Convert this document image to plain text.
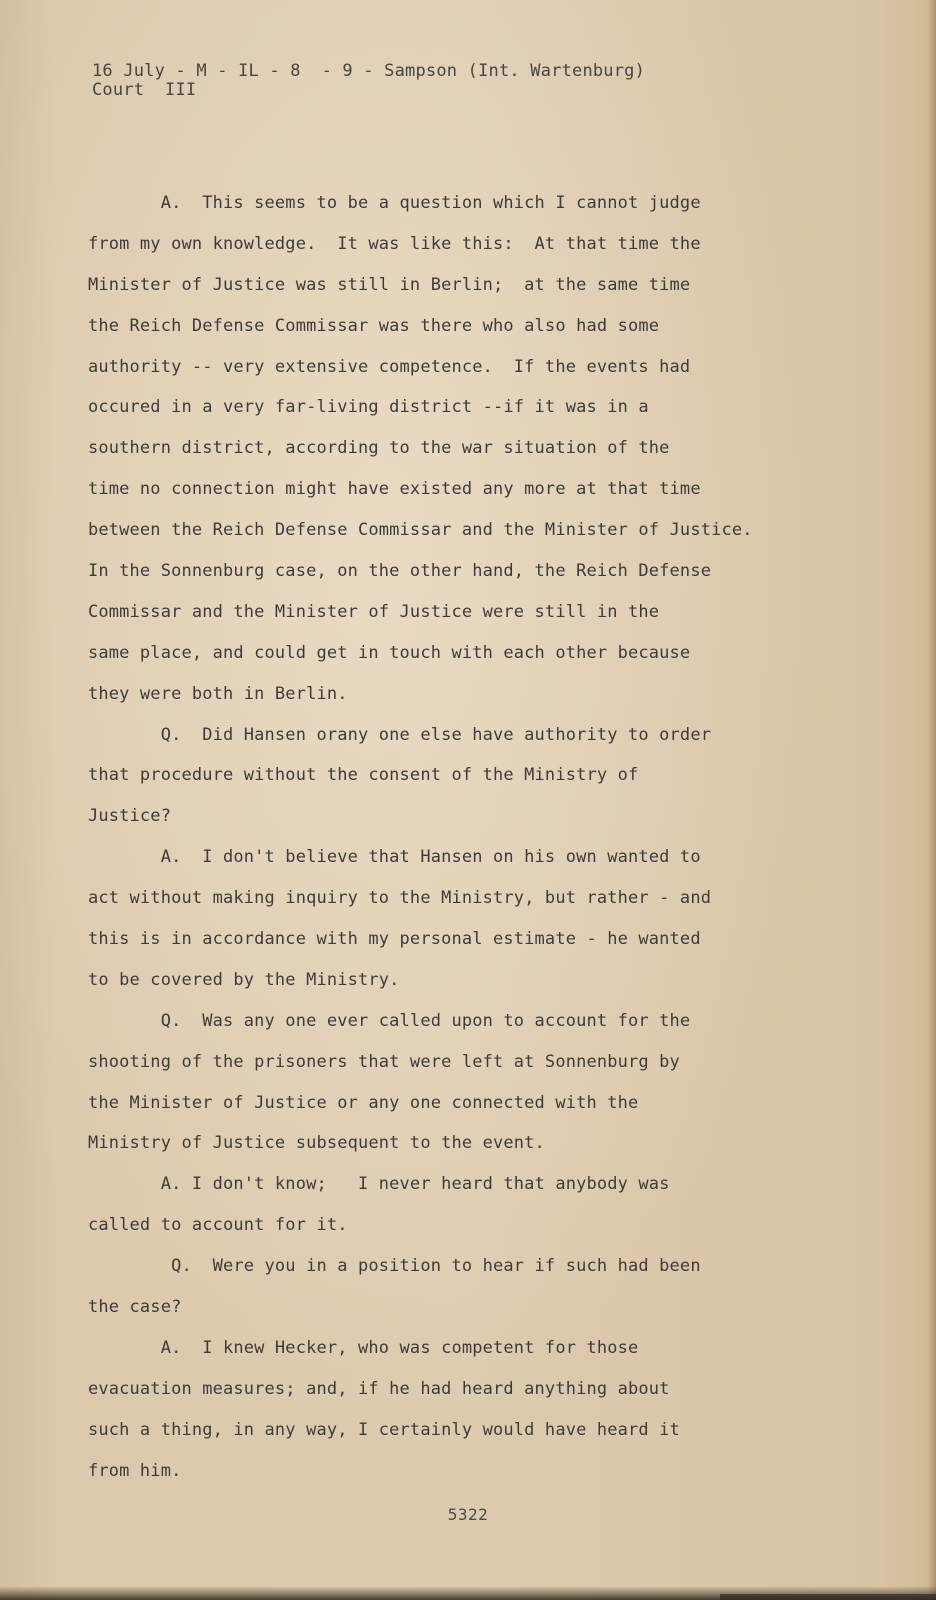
16 July - M - IL - 8  - 9 - Sampson (Int. Wartenburg)
Court  III
A.  This seems to be a question which I cannot judge
from my own knowledge.  It was like this:  At that time the
Minister of Justice was still in Berlin;  at the same time
the Reich Defense Commissar was there who also had some
authority -- very extensive competence.  If the events had
occured in a very far-living district --if it was in a
southern district, according to the war situation of the
time no connection might have existed any more at that time
between the Reich Defense Commissar and the Minister of Justice.
In the Sonnenburg case, on the other hand, the Reich Defense
Commissar and the Minister of Justice were still in the
same place, and could get in touch with each other because
they were both in Berlin.
Q.  Did Hansen orany one else have authority to order
that procedure without the consent of the Ministry of
Justice?
A.  I don't believe that Hansen on his own wanted to
act without making inquiry to the Ministry, but rather - and
this is in accordance with my personal estimate - he wanted
to be covered by the Ministry.
Q.  Was any one ever called upon to account for the
shooting of the prisoners that were left at Sonnenburg by
the Minister of Justice or any one connected with the
Ministry of Justice subsequent to the event.
A. I don't know;   I never heard that anybody was
called to account for it.
Q.  Were you in a position to hear if such had been
the case?
A.  I knew Hecker, who was competent for those
evacuation measures; and, if he had heard anything about
such a thing, in any way, I certainly would have heard it
from him.
5322
